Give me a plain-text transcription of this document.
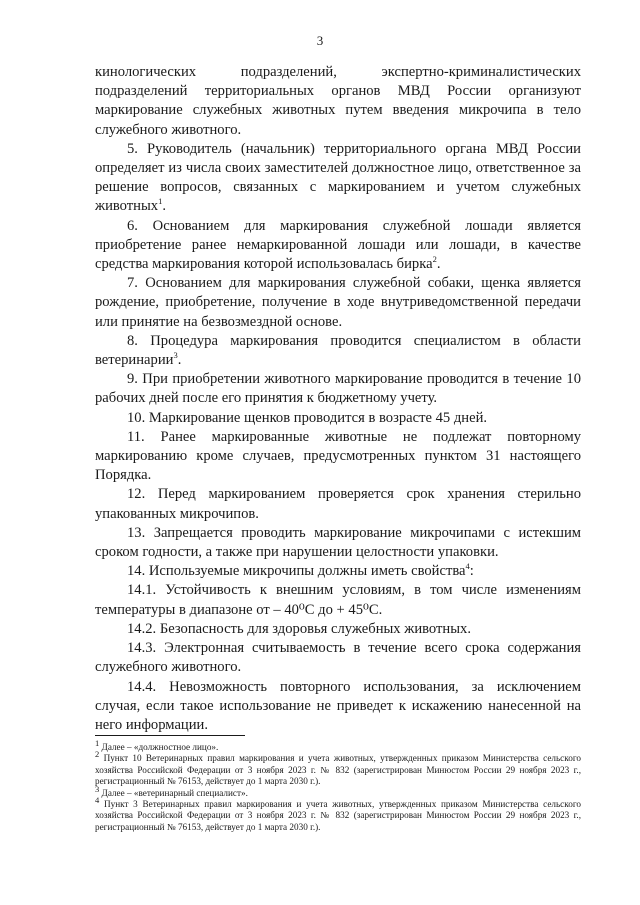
3

кинологических подразделений, экспертно-криминалистических подразделений территориальных органов МВД России организуют маркирование служебных животных путем введения микрочипа в тело служебного животного.

5. Руководитель (начальник) территориального органа МВД России определяет из числа своих заместителей должностное лицо, ответственное за решение вопросов, связанных с маркированием и учетом служебных животных$^1$.

6. Основанием для маркирования служебной лошади является приобретение ранее немаркированной лошади или лошади, в качестве средства маркирования которой использовалась бирка$^2$.

7. Основанием для маркирования служебной собаки, щенка является рождение, приобретение, получение в ходе внутриведомственной передачи или принятие на безвозмездной основе.

8. Процедура маркирования проводится специалистом в области ветеринарии$^3$.

9. При приобретении животного маркирование проводится в течение 10 рабочих дней после его принятия к бюджетному учету.

10. Маркирование щенков проводится в возрасте 45 дней.

11. Ранее маркированные животные не подлежат повторному маркированию кроме случаев, предусмотренных пунктом 31 настоящего Порядка.

12. Перед маркированием проверяется срок хранения стерильно упакованных микрочипов.

13. Запрещается проводить маркирование микрочипами с истекшим сроком годности, а также при нарушении целостности упаковки.

14. Используемые микрочипы должны иметь свойства$^4$:

14.1. Устойчивость к внешним условиям, в том числе изменениям температуры в диапазоне от – 40⁰С до + 45⁰С.

14.2. Безопасность для здоровья служебных животных.

14.3. Электронная считываемость в течение всего срока содержания служебного животного.

14.4. Невозможность повторного использования, за исключением случая, если такое использование не приведет к искажению нанесенной на него информации.

$^1$ Далее – «должностное лицо».

$^2$ Пункт 10 Ветеринарных правил маркирования и учета животных, утвержденных приказом Министерства сельского хозяйства Российской Федерации от 3 ноября 2023 г. № 832 (зарегистрирован Минюстом России 29 ноября 2023 г., регистрационный № 76153, действует до 1 марта 2030 г.).

$^3$ Далее – «ветеринарный специалист».

$^4$ Пункт 3 Ветеринарных правил маркирования и учета животных, утвержденных приказом Министерства сельского хозяйства Российской Федерации от 3 ноября 2023 г. № 832 (зарегистрирован Минюстом России 29 ноября 2023 г., регистрационный № 76153, действует до 1 марта 2030 г.).
